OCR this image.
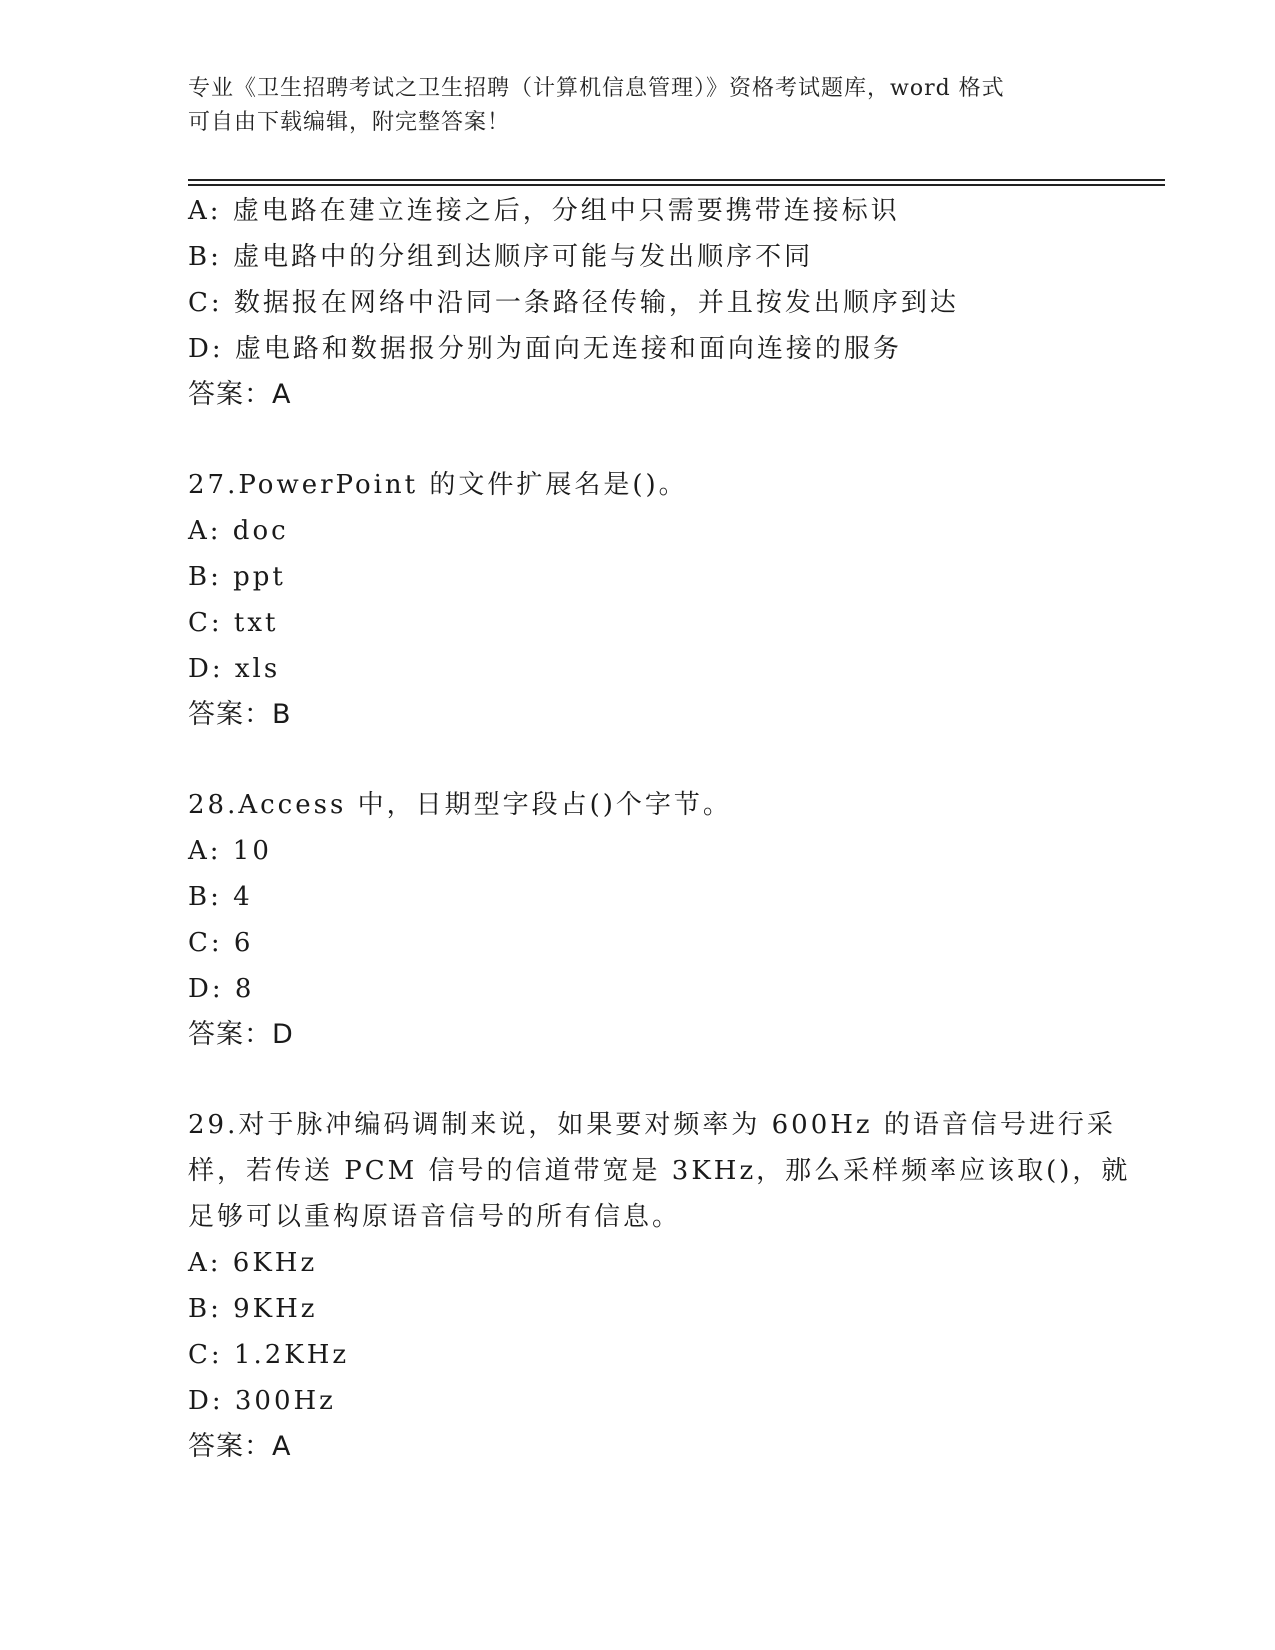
专业《卫生招聘考试之卫生招聘（计算机信息管理）》资格考试题库，word 格式
可自由下载编辑，附完整答案！
A: 虚电路在建立连接之后，分组中只需要携带连接标识
B: 虚电路中的分组到达顺序可能与发出顺序不同
C: 数据报在网络中沿同一条路径传输，并且按发出顺序到达
D: 虚电路和数据报分别为面向无连接和面向连接的服务
答案：A
27.PowerPoint 的文件扩展名是()。
A: doc
B: ppt
C: txt
D: xls
答案：B
28.Access 中，日期型字段占()个字节。
A: 10
B: 4
C: 6
D: 8
答案：D
29.对于脉冲编码调制来说，如果要对频率为 600Hz 的语音信号进行采
样，若传送 PCM 信号的信道带宽是 3KHz，那么采样频率应该取()，就
足够可以重构原语音信号的所有信息。
A: 6KHz
B: 9KHz
C: 1.2KHz
D: 300Hz
答案：A
